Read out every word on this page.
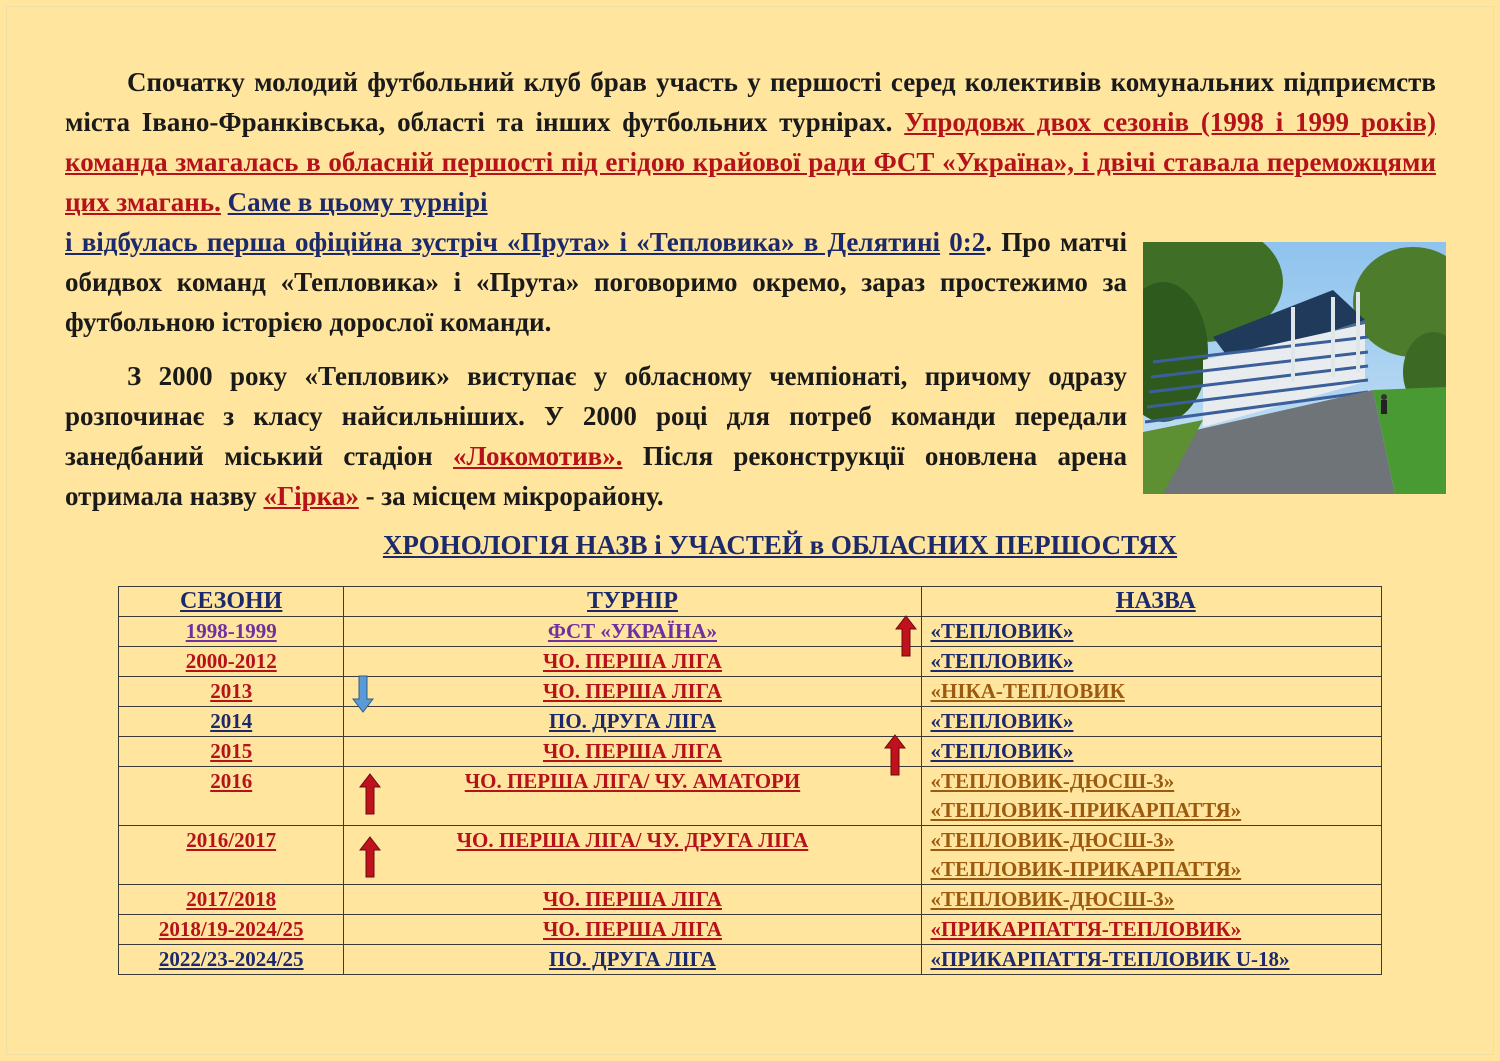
Спочатку молодий футбольний клуб брав участь у першості серед колективів комунальних підприємств міста Івано-Франківська, області та інших футбольних турнірах. Упродовж двох сезонів (1998 і 1999 років) команда змагалась в обласній першості під егідою крайової ради ФСТ «Україна», і двічі ставала переможцями цих змагань. Саме в цьому турнірі
і відбулась перша офіційна зустріч «Прута» і «Тепловика» в Делятині 0:2. Про матчі обидвох команд «Тепловика» і «Прута» поговоримо окремо, зараз простежимо за футбольною історією дорослої команди.
З 2000 року «Тепловик» виступає у обласному чемпіонаті, причому одразу розпочинає з класу найсильніших. У 2000 році для потреб команди передали занедбаний міський стадіон «Локомотив». Після реконструкції оновлена арена отримала назву «Гірка» - за місцем мікрорайону.
ХРОНОЛОГІЯ НАЗВ і УЧАСТЕЙ в ОБЛАСНИХ ПЕРШОСТЯХ
СЕЗОНИ	ТУРНІР	НАЗВА
1998-1999	ФСТ «УКРАЇНА»	«ТЕПЛОВИК»
2000-2012	ЧО. ПЕРША ЛІГА	«ТЕПЛОВИК»
2013	ЧО. ПЕРША ЛІГА	«НІКА-ТЕПЛОВИК
2014	ПО. ДРУГА ЛІГА	«ТЕПЛОВИК»
2015	ЧО. ПЕРША ЛІГА	«ТЕПЛОВИК»
2016	ЧО. ПЕРША ЛІГА/ ЧУ. АМАТОРИ	«ТЕПЛОВИК-ДЮСШ-3»
«ТЕПЛОВИК-ПРИКАРПАТТЯ»

2016/2017	ЧО. ПЕРША ЛІГА/ ЧУ. ДРУГА ЛІГА	«ТЕПЛОВИК-ДЮСШ-3»
«ТЕПЛОВИК-ПРИКАРПАТТЯ»

2017/2018	ЧО. ПЕРША ЛІГА	«ТЕПЛОВИК-ДЮСШ-3»
2018/19-2024/25	ЧО. ПЕРША ЛІГА	«ПРИКАРПАТТЯ-ТЕПЛОВИК»
2022/23-2024/25	ПО. ДРУГА ЛІГА	«ПРИКАРПАТТЯ-ТЕПЛОВИК U-18»
